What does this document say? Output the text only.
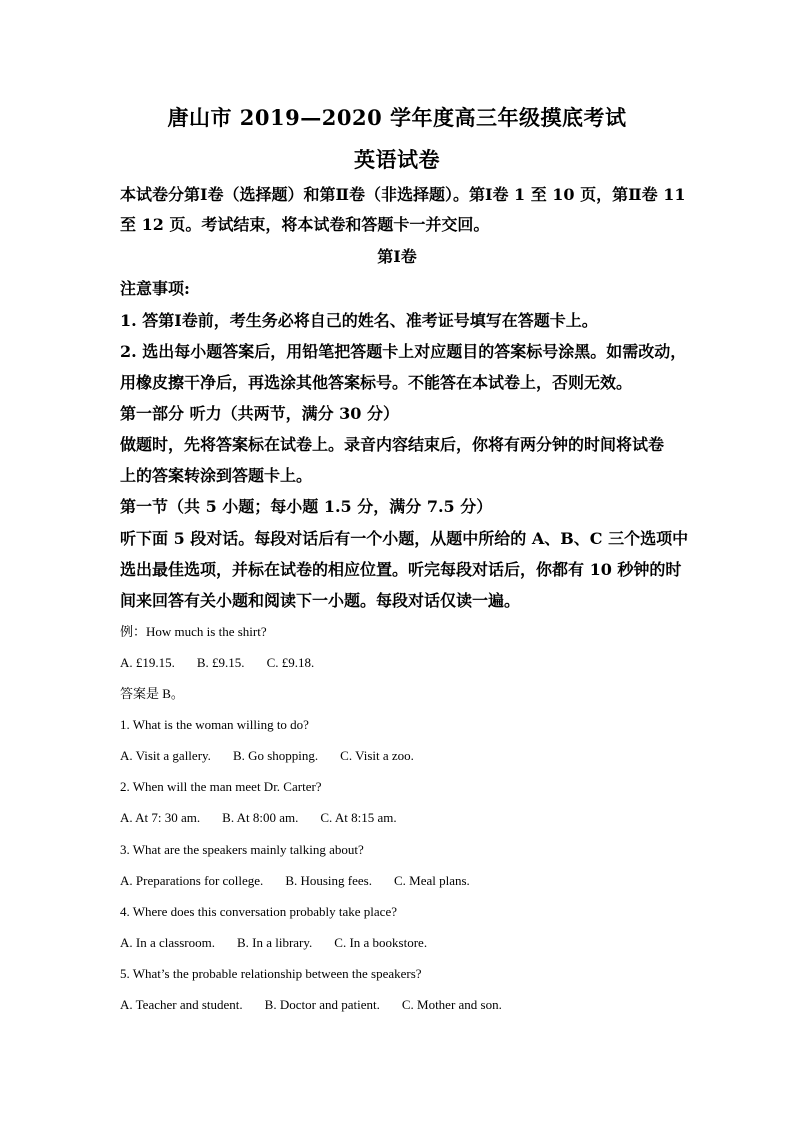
唐山市 2019—2020 学年度高三年级摸底考试
英语试卷
本试卷分第Ⅰ卷（选择题）和第Ⅱ卷（非选择题）。第Ⅰ卷 1 至 10 页，第Ⅱ卷 11
至 12 页。考试结束，将本试卷和答题卡一并交回。
第Ⅰ卷
注意事项:
1. 答第Ⅰ卷前，考生务必将自己的姓名、准考证号填写在答题卡上。
2. 选出每小题答案后，用铅笔把答题卡上对应题目的答案标号涂黑。如需改动，
用橡皮擦干净后，再选涂其他答案标号。不能答在本试卷上，否则无效。
第一部分 听力（共两节，满分 30 分）
做题时，先将答案标在试卷上。录音内容结束后，你将有两分钟的时间将试卷
上的答案转涂到答题卡上。
第一节（共 5 小题；每小题 1.5 分，满分 7.5 分）
听下面 5 段对话。每段对话后有一个小题，从题中所给的 A、B、C 三个选项中
选出最佳选项，并标在试卷的相应位置。听完每段对话后，你都有 10 秒钟的时
间来回答有关小题和阅读下一小题。每段对话仅读一遍。
例：How much is the shirt?
A. £19.15. B. £9.15. C. £9.18.
答案是 B。
1. What is the woman willing to do?
A. Visit a gallery. B. Go shopping. C. Visit a zoo.
2. When will the man meet Dr. Carter?
A. At 7: 30 am. B. At 8:00 am. C. At 8:15 am.
3. What are the speakers mainly talking about?
A. Preparations for college. B. Housing fees. C. Meal plans.
4. Where does this conversation probably take place?
A. In a classroom. B. In a library. C. In a bookstore.
5. What’s the probable relationship between the speakers?
A. Teacher and student. B. Doctor and patient. C. Mother and son.
